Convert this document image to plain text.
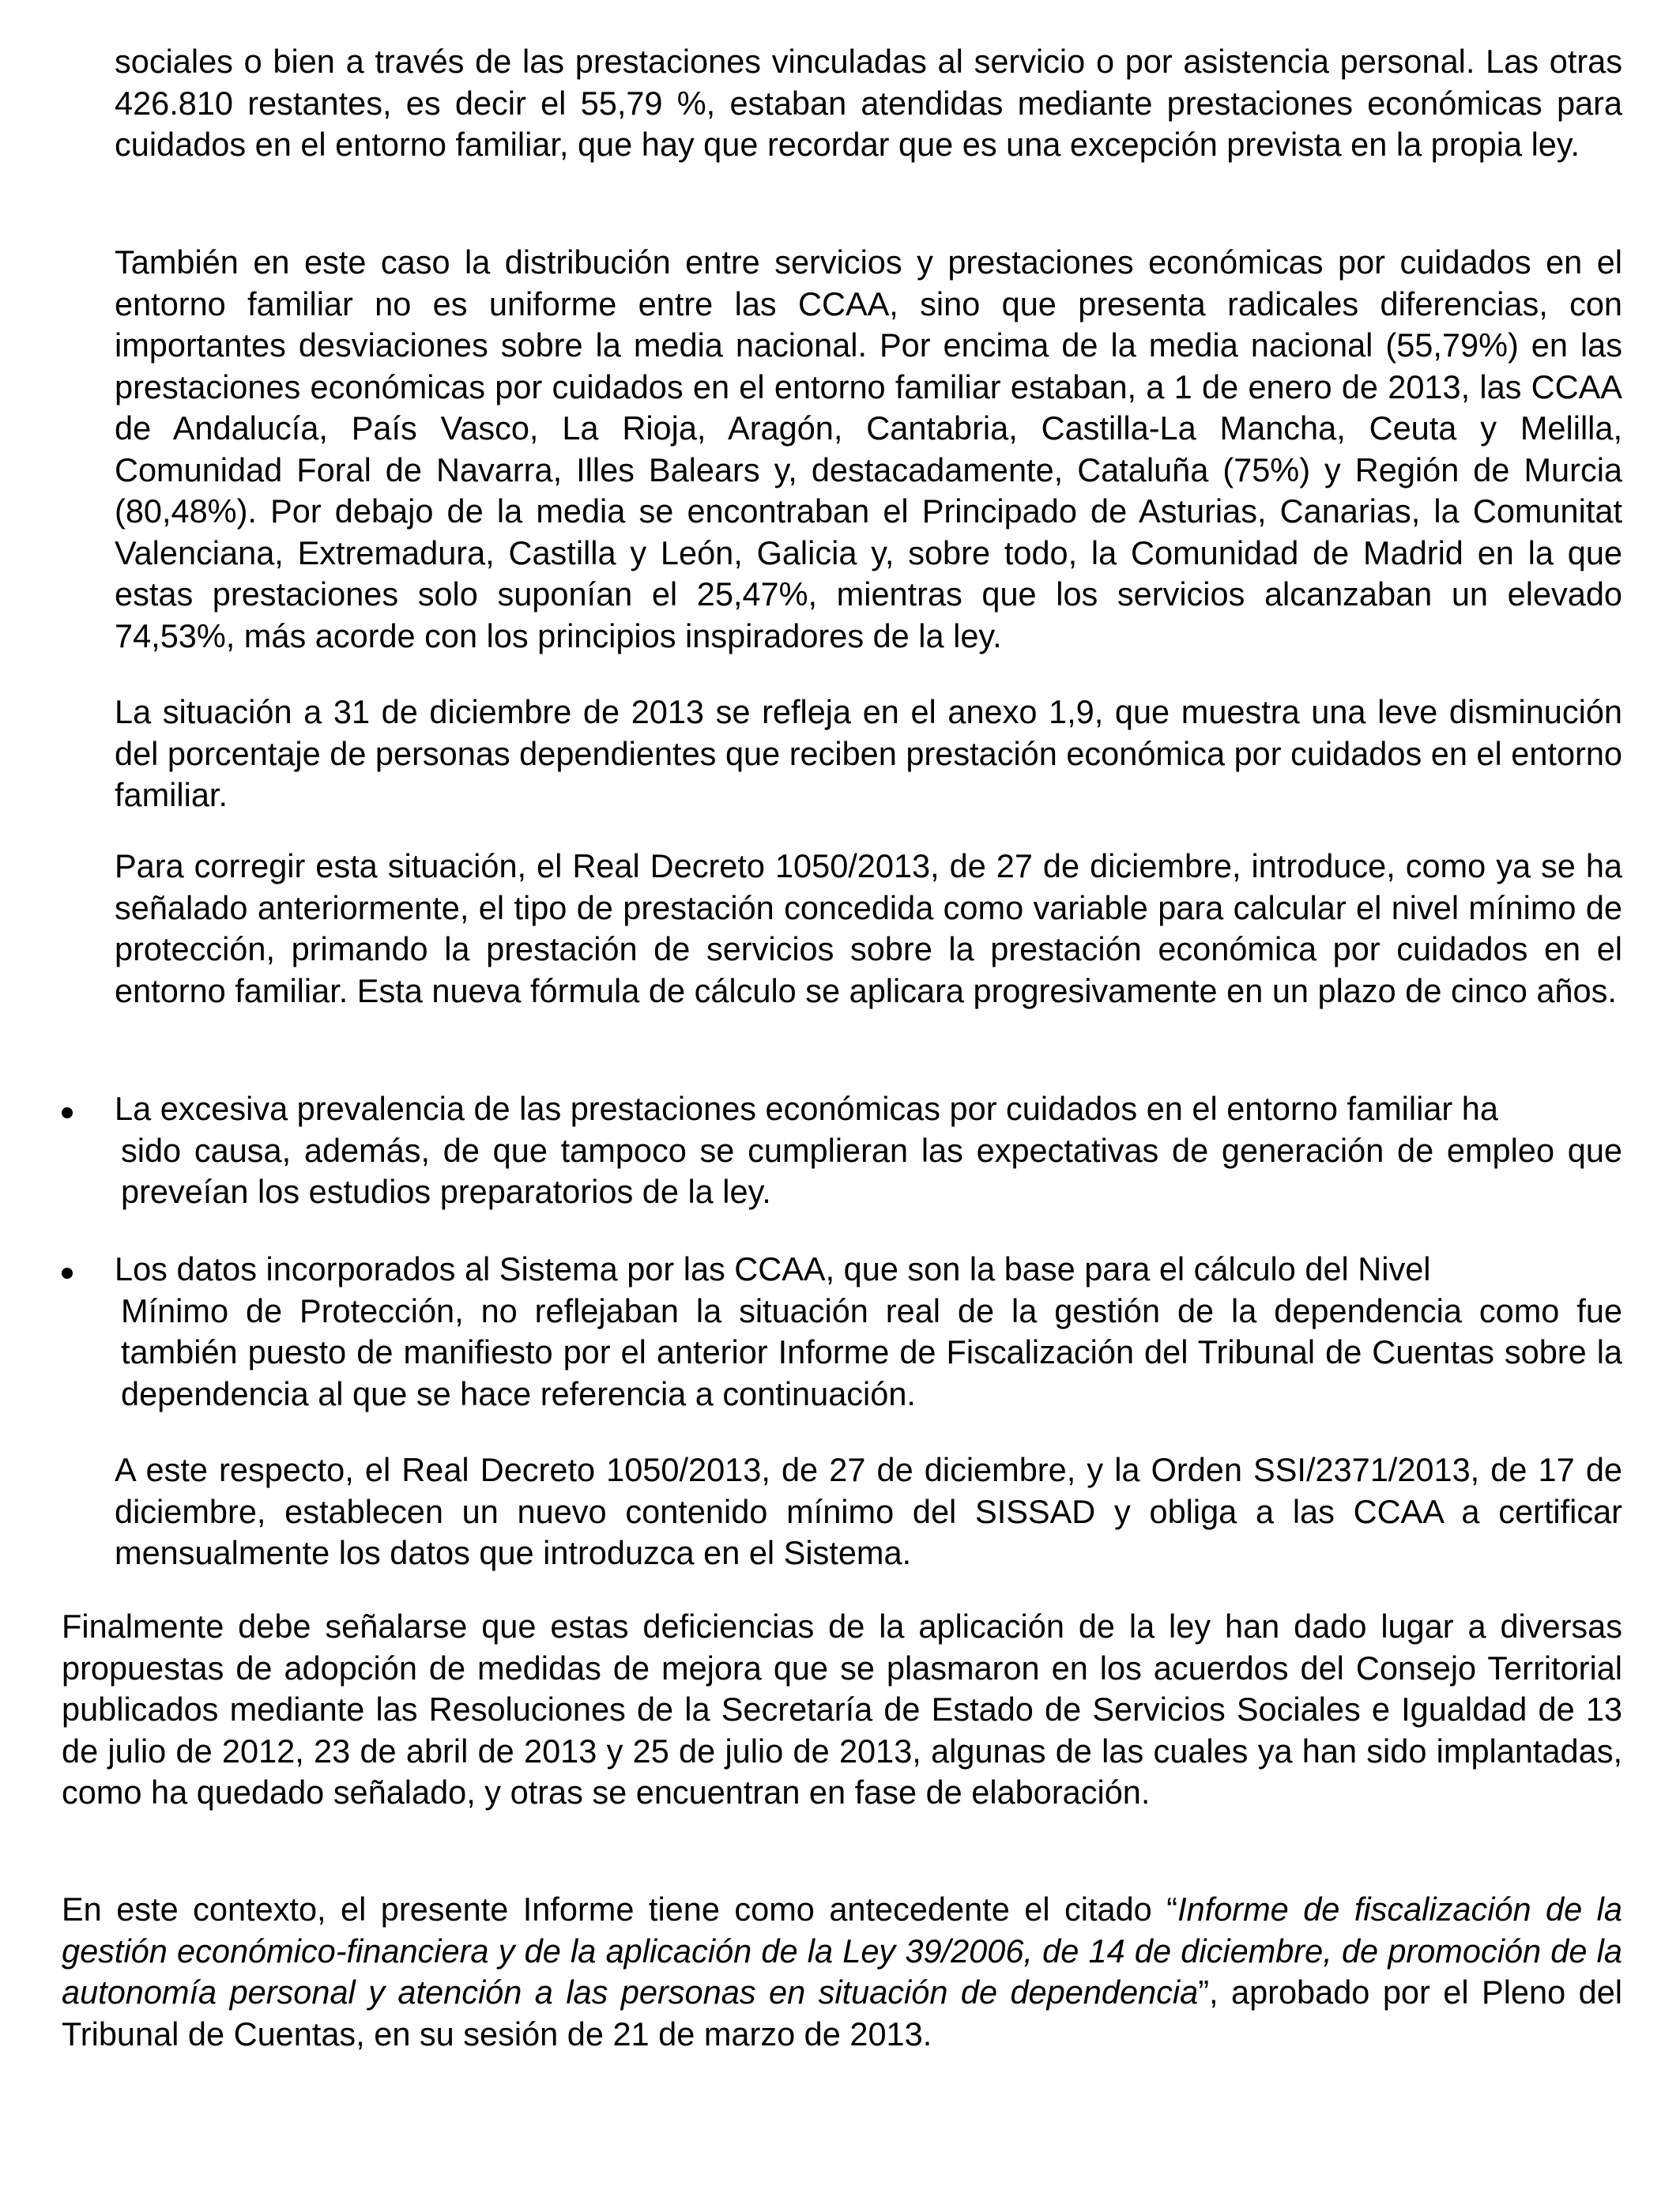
sociales o bien a través de las prestaciones vinculadas al servicio o por asistencia personal. Las otras 426.810 restantes, es decir el 55,79 %, estaban atendidas mediante prestaciones económicas para cuidados en el entorno familiar, que hay que recordar que es una excepción prevista en la propia ley.

También en este caso la distribución entre servicios y prestaciones económicas por cuidados en el entorno familiar no es uniforme entre las CCAA, sino que presenta radicales diferencias, con importantes desviaciones sobre la media nacional. Por encima de la media nacional (55,79%) en las prestaciones económicas por cuidados en el entorno familiar estaban, a 1 de enero de 2013, las CCAA de Andalucía, País Vasco, La Rioja, Aragón, Cantabria, Castilla-La Mancha, Ceuta y Melilla, Comunidad Foral de Navarra, Illes Balears y, destacadamente, Cataluña (75%) y Región de Murcia (80,48%). Por debajo de la media se encontraban el Principado de Asturias, Canarias, la Comunitat Valenciana, Extremadura, Castilla y León, Galicia y, sobre todo, la Comunidad de Madrid en la que estas prestaciones solo suponían el 25,47%, mientras que los servicios alcanzaban un elevado 74,53%, más acorde con los principios inspiradores de la ley.

La situación a 31 de diciembre de 2013 se refleja en el anexo 1,9, que muestra una leve disminución del porcentaje de personas dependientes que reciben prestación económica por cuidados en el entorno familiar.

Para corregir esta situación, el Real Decreto 1050/2013, de 27 de diciembre, introduce, como ya se ha señalado anteriormente, el tipo de prestación concedida como variable para calcular el nivel mínimo de protección, primando la prestación de servicios sobre la prestación económica por cuidados en el entorno familiar. Esta nueva fórmula de cálculo se aplicara progresivamente en un plazo de cinco años.

La excesiva prevalencia de las prestaciones económicas por cuidados en el entorno familiar ha
sido causa, además, de que tampoco se cumplieran las expectativas de generación de empleo que preveían los estudios preparatorios de la ley.

Los datos incorporados al Sistema por las CCAA, que son la base para el cálculo del Nivel
Mínimo de Protección, no reflejaban la situación real de la gestión de la dependencia como fue también puesto de manifiesto por el anterior Informe de Fiscalización del Tribunal de Cuentas sobre la dependencia al que se hace referencia a continuación.

A este respecto, el Real Decreto 1050/2013, de 27 de diciembre, y la Orden SSI/2371/2013, de 17 de diciembre, establecen un nuevo contenido mínimo del SISSAD y obliga a las CCAA a certificar mensualmente los datos que introduzca en el Sistema.

Finalmente debe señalarse que estas deficiencias de la aplicación de la ley han dado lugar a diversas propuestas de adopción de medidas de mejora que se plasmaron en los acuerdos del Consejo Territorial publicados mediante las Resoluciones de la Secretaría de Estado de Servicios Sociales e Igualdad de 13 de julio de 2012, 23 de abril de 2013 y 25 de julio de 2013, algunas de las cuales ya han sido implantadas, como ha quedado señalado, y otras se encuentran en fase de elaboración.

En este contexto, el presente Informe tiene como antecedente el citado “Informe de fiscalización de la gestión económico-financiera y de la aplicación de la Ley 39/2006, de 14 de diciembre, de promoción de la autonomía personal y atención a las personas en situación de dependencia”, aprobado por el Pleno del Tribunal de Cuentas, en su sesión de 21 de marzo de 2013.
